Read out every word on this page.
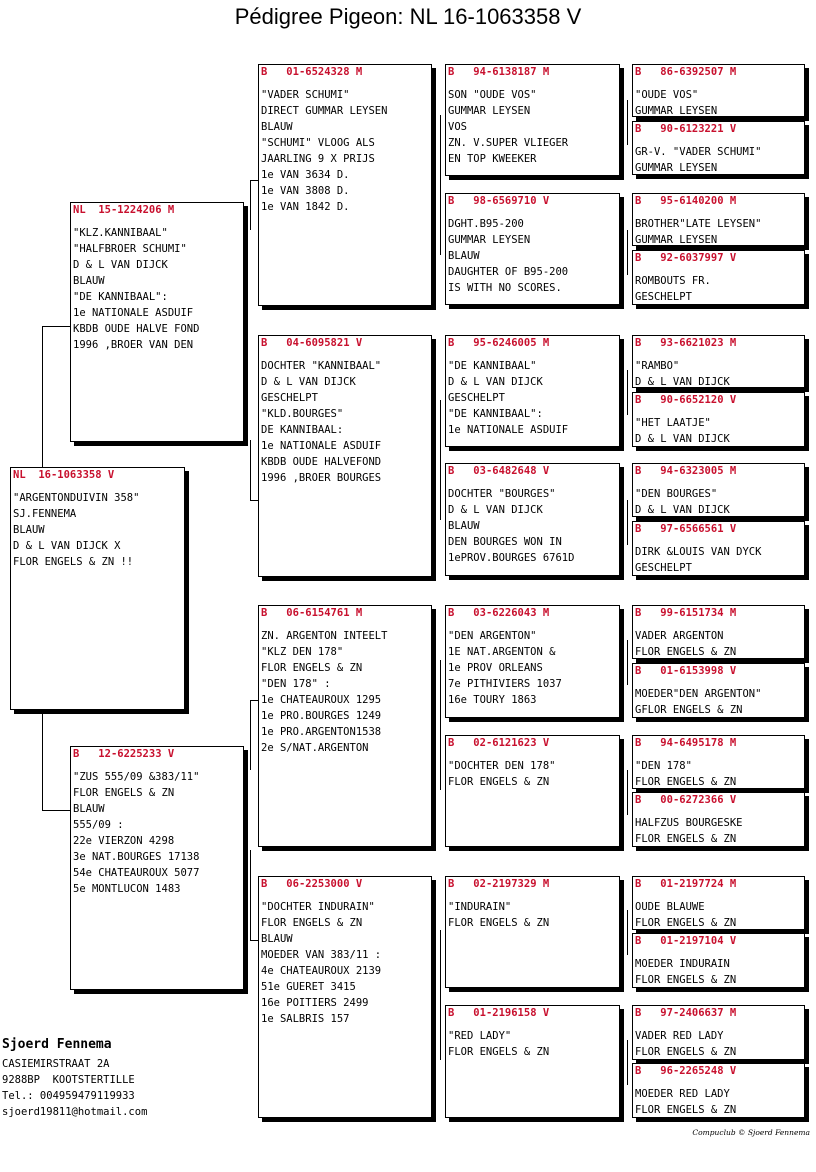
Pédigree Pigeon: NL 16-1063358 V
NL 16-1063358 V
"ARGENTONDUIVIN 358"
SJ.FENNEMA
BLAUW
D & L VAN DIJCK X
FLOR ENGELS & ZN !!
NL 15-1224206 M
"KLZ.KANNIBAAL"
"HALFBROER SCHUMI"
D & L VAN DIJCK
BLAUW
"DE KANNIBAAL":
1e NATIONALE ASDUIF
KBDB OUDE HALVE FOND
1996 ,BROER VAN DEN
B 12-6225233 V
"ZUS 555/09 &383/11"
FLOR ENGELS & ZN
BLAUW
555/09 :
22e VIERZON 4298
3e NAT.BOURGES 17138
54e CHATEAUROUX 5077
5e MONTLUCON 1483
B 01-6524328 M
"VADER SCHUMI"
DIRECT GUMMAR LEYSEN
BLAUW
"SCHUMI" VLOOG ALS
JAARLING 9 X PRIJS
1e VAN 3634 D.
1e VAN 3808 D.
1e VAN 1842 D.
B 04-6095821 V
DOCHTER "KANNIBAAL"
D & L VAN DIJCK
GESCHELPT
"KLD.BOURGES"
DE KANNIBAAL:
1e NATIONALE ASDUIF
KBDB OUDE HALVEFOND
1996 ,BROER BOURGES
B 06-6154761 M
ZN. ARGENTON INTEELT
"KLZ DEN 178"
FLOR ENGELS & ZN
"DEN 178" :
1e CHATEAUROUX 1295
1e PRO.BOURGES 1249
1e PRO.ARGENTON1538
2e S/NAT.ARGENTON
B 06-2253000 V
"DOCHTER INDURAIN"
FLOR ENGELS & ZN
BLAUW
MOEDER VAN 383/11 :
4e CHATEAUROUX 2139
51e GUERET 3415
16e POITIERS 2499
1e SALBRIS 157
B 94-6138187 M
SON "OUDE VOS"
GUMMAR LEYSEN
VOS
ZN. V.SUPER VLIEGER
EN TOP KWEEKER
B 98-6569710 V
DGHT.B95-200
GUMMAR LEYSEN
BLAUW
DAUGHTER OF B95-200
IS WITH NO SCORES.
B 95-6246005 M
"DE KANNIBAAL"
D & L VAN DIJCK
GESCHELPT
"DE KANNIBAAL":
1e NATIONALE ASDUIF
B 03-6482648 V
DOCHTER "BOURGES"
D & L VAN DIJCK
BLAUW
DEN BOURGES WON IN
1ePROV.BOURGES 6761D
B 03-6226043 M
"DEN ARGENTON"
1E NAT.ARGENTON &
1e PROV ORLEANS
7e PITHIVIERS 1037
16e TOURY 1863
B 02-6121623 V
"DOCHTER DEN 178"
FLOR ENGELS & ZN
B 02-2197329 M
"INDURAIN"
FLOR ENGELS & ZN
B 01-2196158 V
"RED LADY"
FLOR ENGELS & ZN
B 86-6392507 M
"OUDE VOS"
GUMMAR LEYSEN
B 90-6123221 V
GR-V. "VADER SCHUMI"
GUMMAR LEYSEN
B 95-6140200 M
BROTHER"LATE LEYSEN"
GUMMAR LEYSEN
B 92-6037997 V
ROMBOUTS FR.
GESCHELPT
B 93-6621023 M
"RAMBO"
D & L VAN DIJCK
B 90-6652120 V
"HET LAATJE"
D & L VAN DIJCK
B 94-6323005 M
"DEN BOURGES"
D & L VAN DIJCK
B 97-6566561 V
DIRK &LOUIS VAN DYCK
GESCHELPT
B 99-6151734 M
VADER ARGENTON
FLOR ENGELS & ZN
B 01-6153998 V
MOEDER"DEN ARGENTON"
GFLOR ENGELS & ZN
B 94-6495178 M
"DEN 178"
FLOR ENGELS & ZN
B 00-6272366 V
HALFZUS BOURGESKE
FLOR ENGELS & ZN
B 01-2197724 M
OUDE BLAUWE
FLOR ENGELS & ZN
B 01-2197104 V
MOEDER INDURAIN
FLOR ENGELS & ZN
B 97-2406637 M
VADER RED LADY
FLOR ENGELS & ZN
B 96-2265248 V
MOEDER RED LADY
FLOR ENGELS & ZN
Sjoerd Fennema
CASIEMIRSTRAAT 2A
9288BP  KOOTSTERTILLE
Tel.: 004959479119933
sjoerd19811@hotmail.com
Compuclub © Sjoerd Fennema
